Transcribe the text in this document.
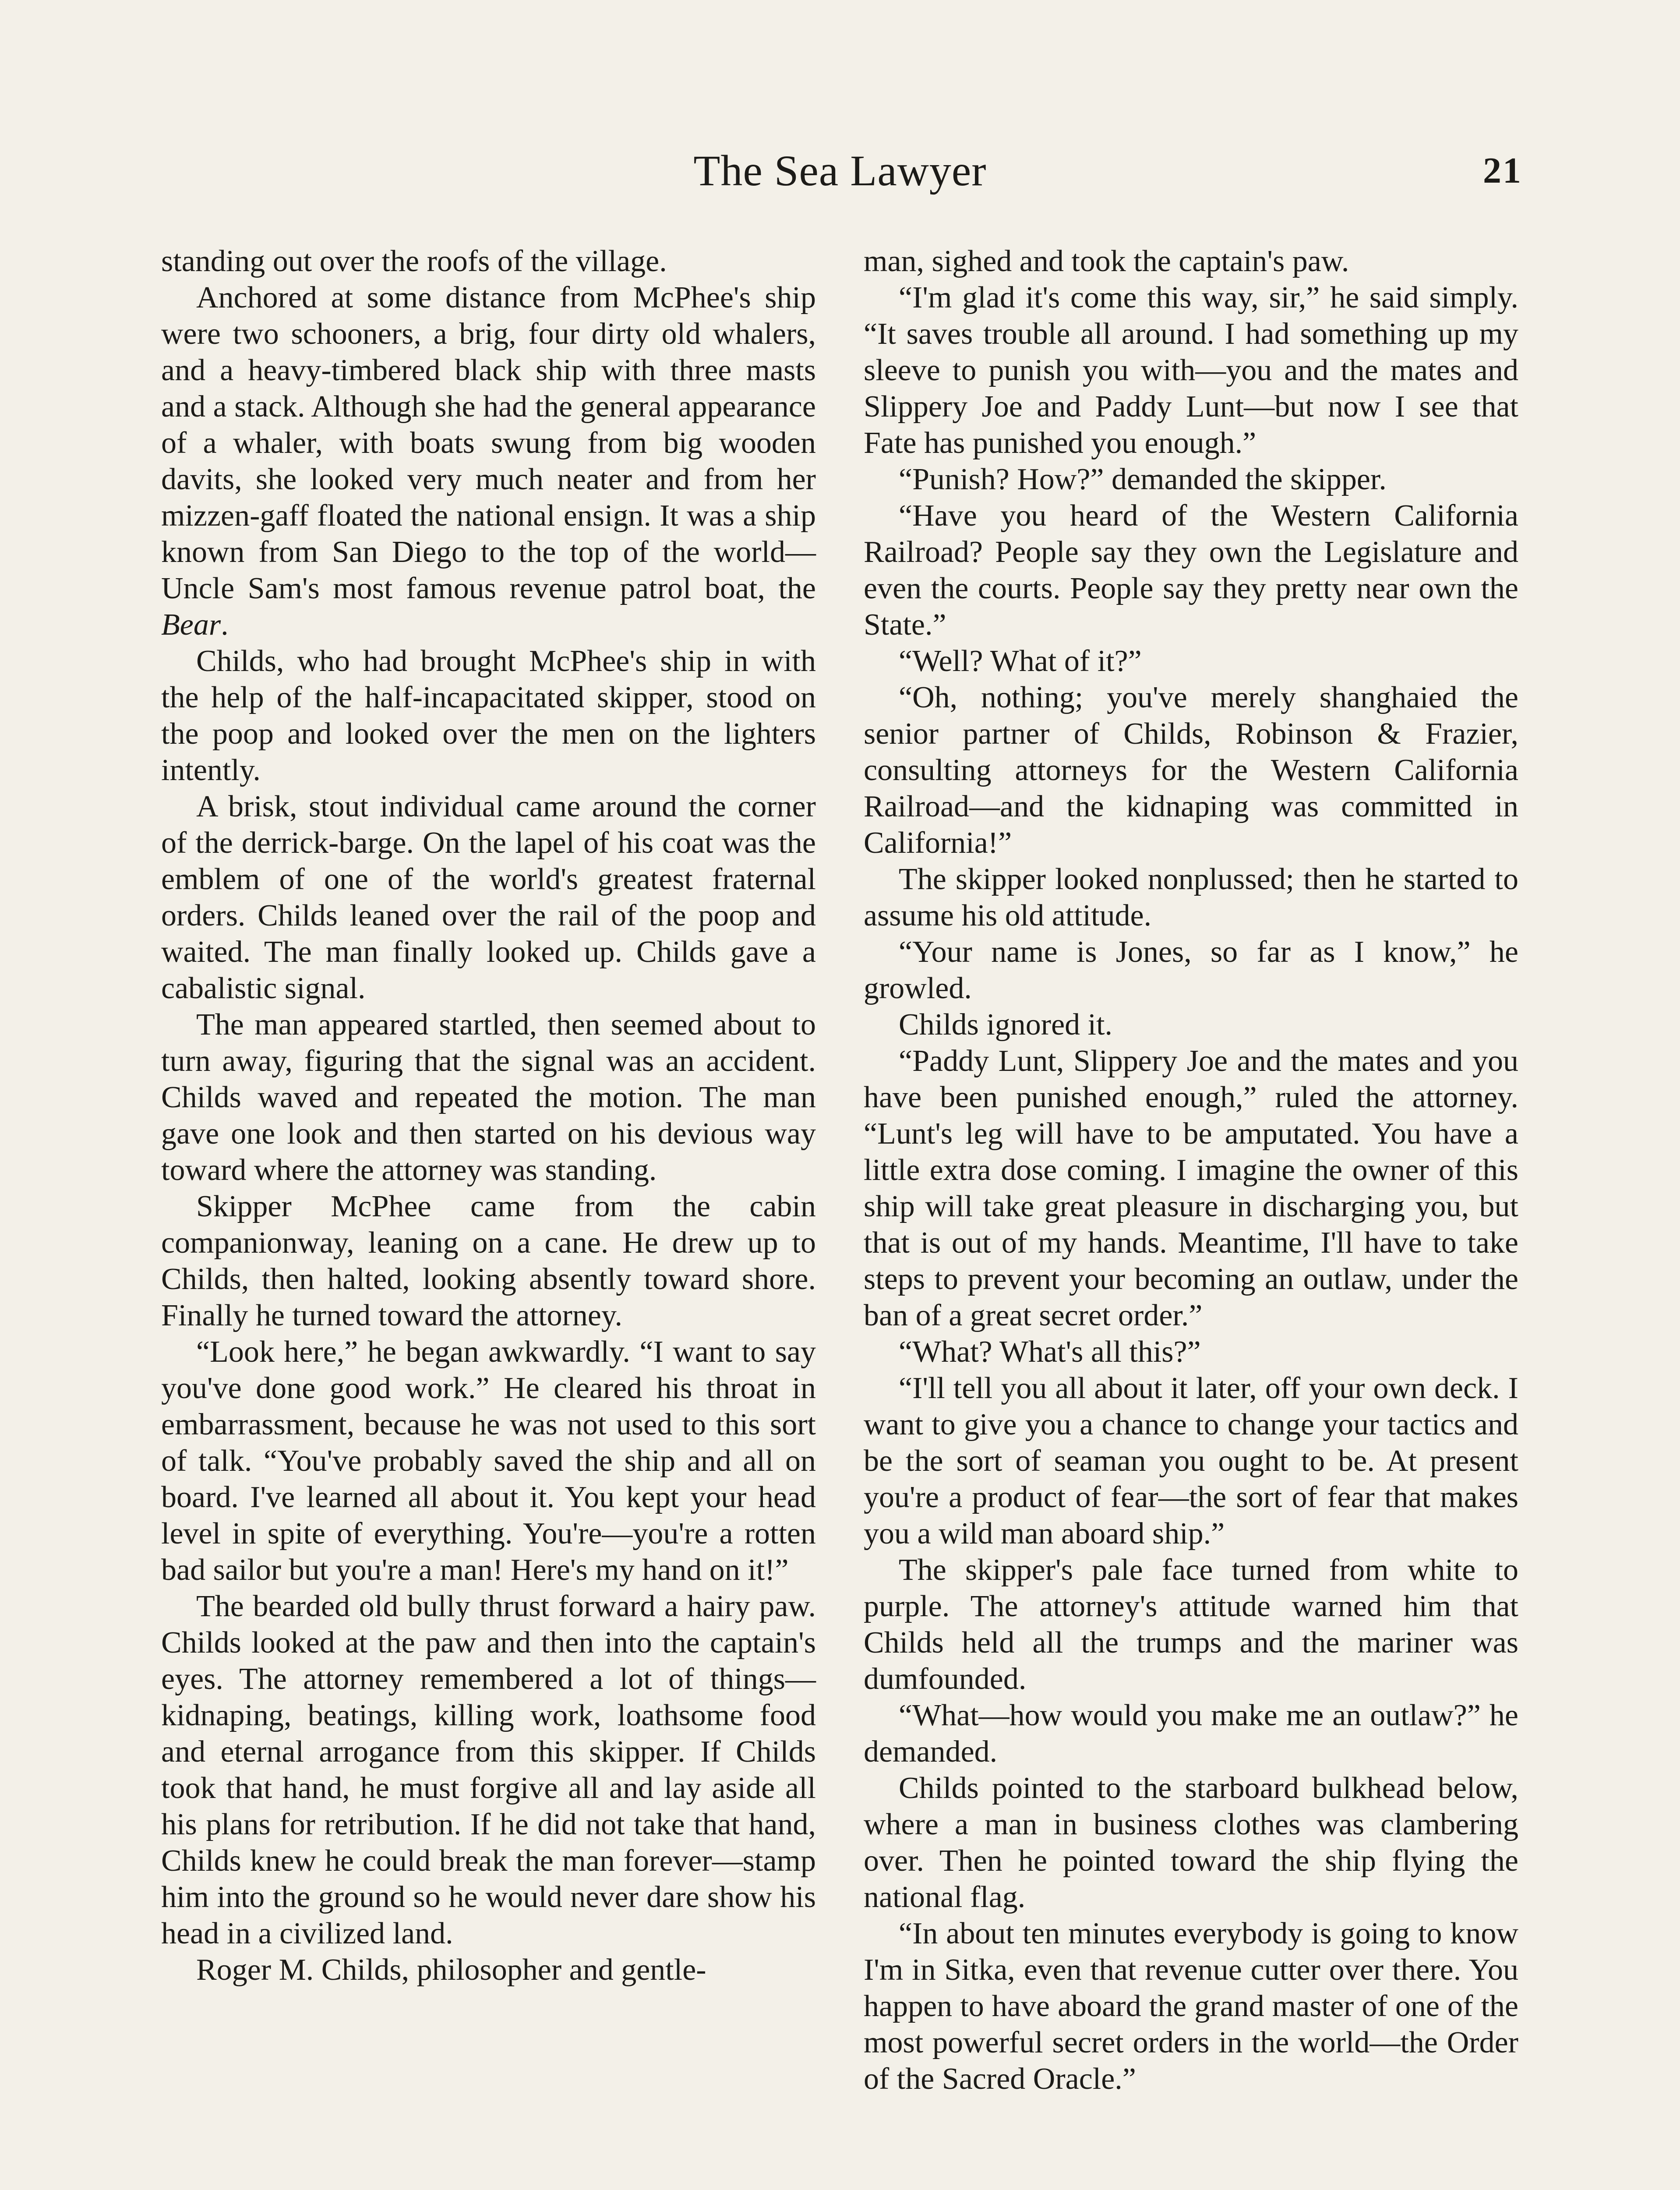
The Sea Lawyer	21

standing out over the roofs of the village.

Anchored at some distance from McPhee's ship were two schooners, a brig, four dirty old whalers, and a heavy-timbered black ship with three masts and a stack. Although she had the general appearance of a whaler, with boats swung from big wooden davits, she looked very much neater and from her mizzen-gaff floated the national ensign. It was a ship known from San Diego to the top of the world—Uncle Sam's most famous revenue patrol boat, the Bear.

Childs, who had brought McPhee's ship in with the help of the half-incapacitated skipper, stood on the poop and looked over the men on the lighters intently.

A brisk, stout individual came around the corner of the derrick-barge. On the lapel of his coat was the emblem of one of the world's greatest fraternal orders. Childs leaned over the rail of the poop and waited. The man finally looked up. Childs gave a cabalistic signal.

The man appeared startled, then seemed about to turn away, figuring that the signal was an accident. Childs waved and repeated the motion. The man gave one look and then started on his devious way toward where the attorney was standing.

Skipper McPhee came from the cabin companionway, leaning on a cane. He drew up to Childs, then halted, looking absently toward shore. Finally he turned toward the attorney.

“Look here,” he began awkwardly. “I want to say you've done good work.” He cleared his throat in embarrassment, because he was not used to this sort of talk. “You've probably saved the ship and all on board. I've learned all about it. You kept your head level in spite of everything. You're—you're a rotten bad sailor but you're a man! Here's my hand on it!”

The bearded old bully thrust forward a hairy paw. Childs looked at the paw and then into the captain's eyes. The attorney remembered a lot of things—kidnaping, beatings, killing work, loathsome food and eternal arrogance from this skipper. If Childs took that hand, he must forgive all and lay aside all his plans for retribution. If he did not take that hand, Childs knew he could break the man forever—stamp him into the ground so he would never dare show his head in a civilized land.

Roger M. Childs, philosopher and gentle-

man, sighed and took the captain's paw.

“I'm glad it's come this way, sir,” he said simply. “It saves trouble all around. I had something up my sleeve to punish you with—you and the mates and Slippery Joe and Paddy Lunt—but now I see that Fate has punished you enough.”

“Punish? How?” demanded the skipper.

“Have you heard of the Western California Railroad? People say they own the Legislature and even the courts. People say they pretty near own the State.”

“Well? What of it?”

“Oh, nothing; you've merely shanghaied the senior partner of Childs, Robinson & Frazier, consulting attorneys for the Western California Railroad—and the kidnaping was committed in California!”

The skipper looked nonplussed; then he started to assume his old attitude.

“Your name is Jones, so far as I know,” he growled.

Childs ignored it.

“Paddy Lunt, Slippery Joe and the mates and you have been punished enough,” ruled the attorney. “Lunt's leg will have to be amputated. You have a little extra dose coming. I imagine the owner of this ship will take great pleasure in discharging you, but that is out of my hands. Meantime, I'll have to take steps to prevent your becoming an outlaw, under the ban of a great secret order.”

“What? What's all this?”

“I'll tell you all about it later, off your own deck. I want to give you a chance to change your tactics and be the sort of seaman you ought to be. At present you're a product of fear—the sort of fear that makes you a wild man aboard ship.”

The skipper's pale face turned from white to purple. The attorney's attitude warned him that Childs held all the trumps and the mariner was dumfounded.

“What—how would you make me an outlaw?” he demanded.

Childs pointed to the starboard bulkhead below, where a man in business clothes was clambering over. Then he pointed toward the ship flying the national flag.

“In about ten minutes everybody is going to know I'm in Sitka, even that revenue cutter over there. You happen to have aboard the grand master of one of the most powerful secret orders in the world—the Order of the Sacred Oracle.”
